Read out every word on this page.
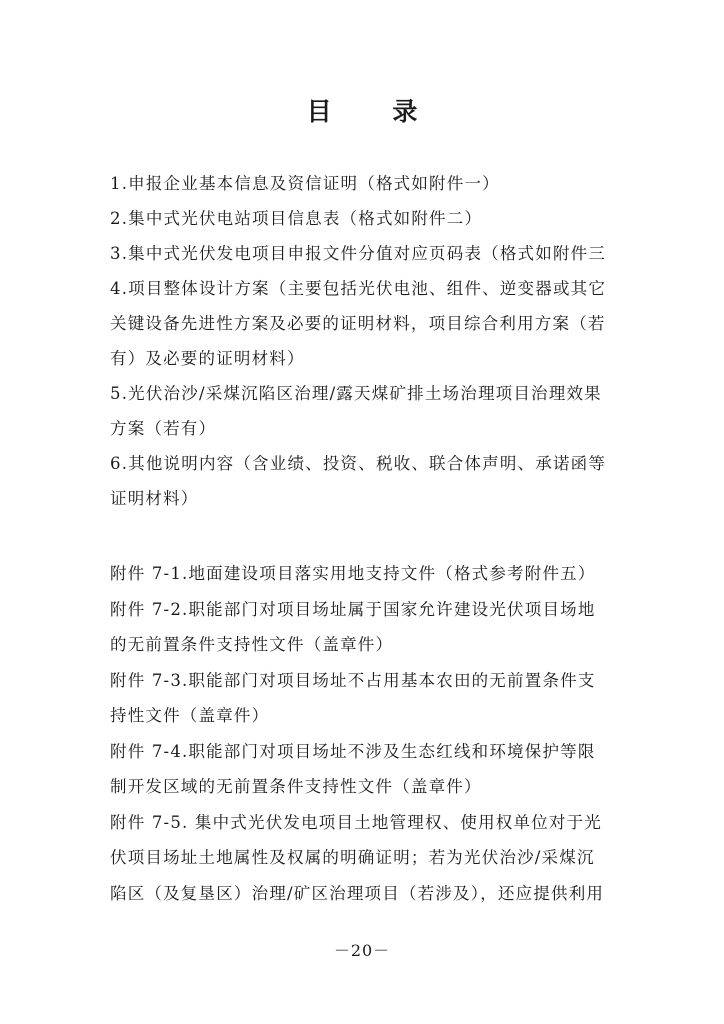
目 录
1.申报企业基本信息及资信证明（格式如附件一）
2.集中式光伏电站项目信息表（格式如附件二）
3.集中式光伏发电项目申报文件分值对应页码表（格式如附件三
4.项目整体设计方案（主要包括光伏电池、组件、逆变器或其它
关键设备先进性方案及必要的证明材料，项目综合利用方案（若
有）及必要的证明材料）
5.光伏治沙/采煤沉陷区治理/露天煤矿排土场治理项目治理效果
方案（若有）
6.其他说明内容（含业绩、投资、税收、联合体声明、承诺函等
证明材料）
附件 7-1.地面建设项目落实用地支持文件（格式参考附件五）
附件 7-2.职能部门对项目场址属于国家允许建设光伏项目场地
的无前置条件支持性文件（盖章件）
附件 7-3.职能部门对项目场址不占用基本农田的无前置条件支
持性文件（盖章件）
附件 7-4.职能部门对项目场址不涉及生态红线和环境保护等限
制开发区域的无前置条件支持性文件（盖章件）
附件 7-5. 集中式光伏发电项目土地管理权、使用权单位对于光
伏项目场址土地属性及权属的明确证明；若为光伏治沙/采煤沉
陷区（及复垦区）治理/矿区治理项目（若涉及），还应提供利用
－20－
